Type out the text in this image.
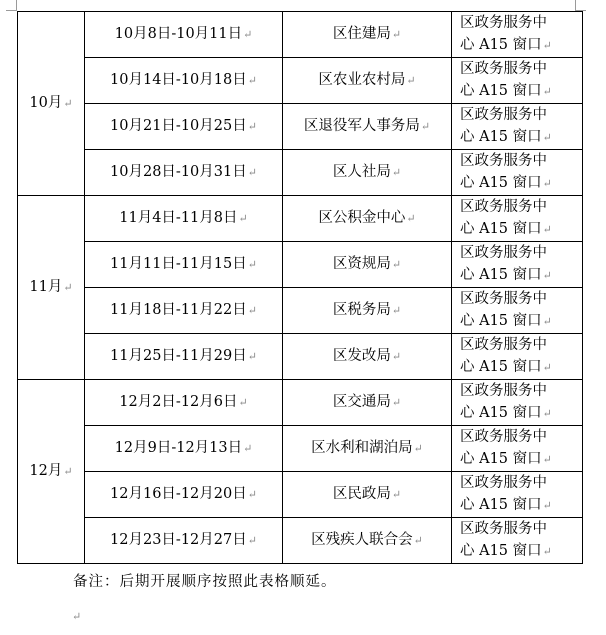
10月↵	10月8日-10月11日↵	区住建局↵	区政务服务中
心 A15 窗口↵

	10月14日-10月18日↵	区农业农村局↵	区政务服务中
心 A15 窗口↵

	10月21日-10月25日↵	区退役军人事务局↵	区政务服务中
心 A15 窗口↵

	10月28日-10月31日↵	区人社局↵	区政务服务中
心 A15 窗口↵

11月↵	11月4日-11月8日↵	区公积金中心↵	区政务服务中
心 A15 窗口↵

	11月11日-11月15日↵	区资规局↵	区政务服务中
心 A15 窗口↵

	11月18日-11月22日↵	区税务局↵	区政务服务中
心 A15 窗口↵

	11月25日-11月29日↵	区发改局↵	区政务服务中
心 A15 窗口↵

12月↵	12月2日-12月6日↵	区交通局↵	区政务服务中
心 A15 窗口↵

	12月9日-12月13日↵	区水利和湖泊局↵	区政务服务中
心 A15 窗口↵

	12月16日-12月20日↵	区民政局↵	区政务服务中
心 A15 窗口↵

	12月23日-12月27日↵	区残疾人联合会↵	区政务服务中
心 A15 窗口↵
备注：后期开展顺序按照此表格顺延。
↵
